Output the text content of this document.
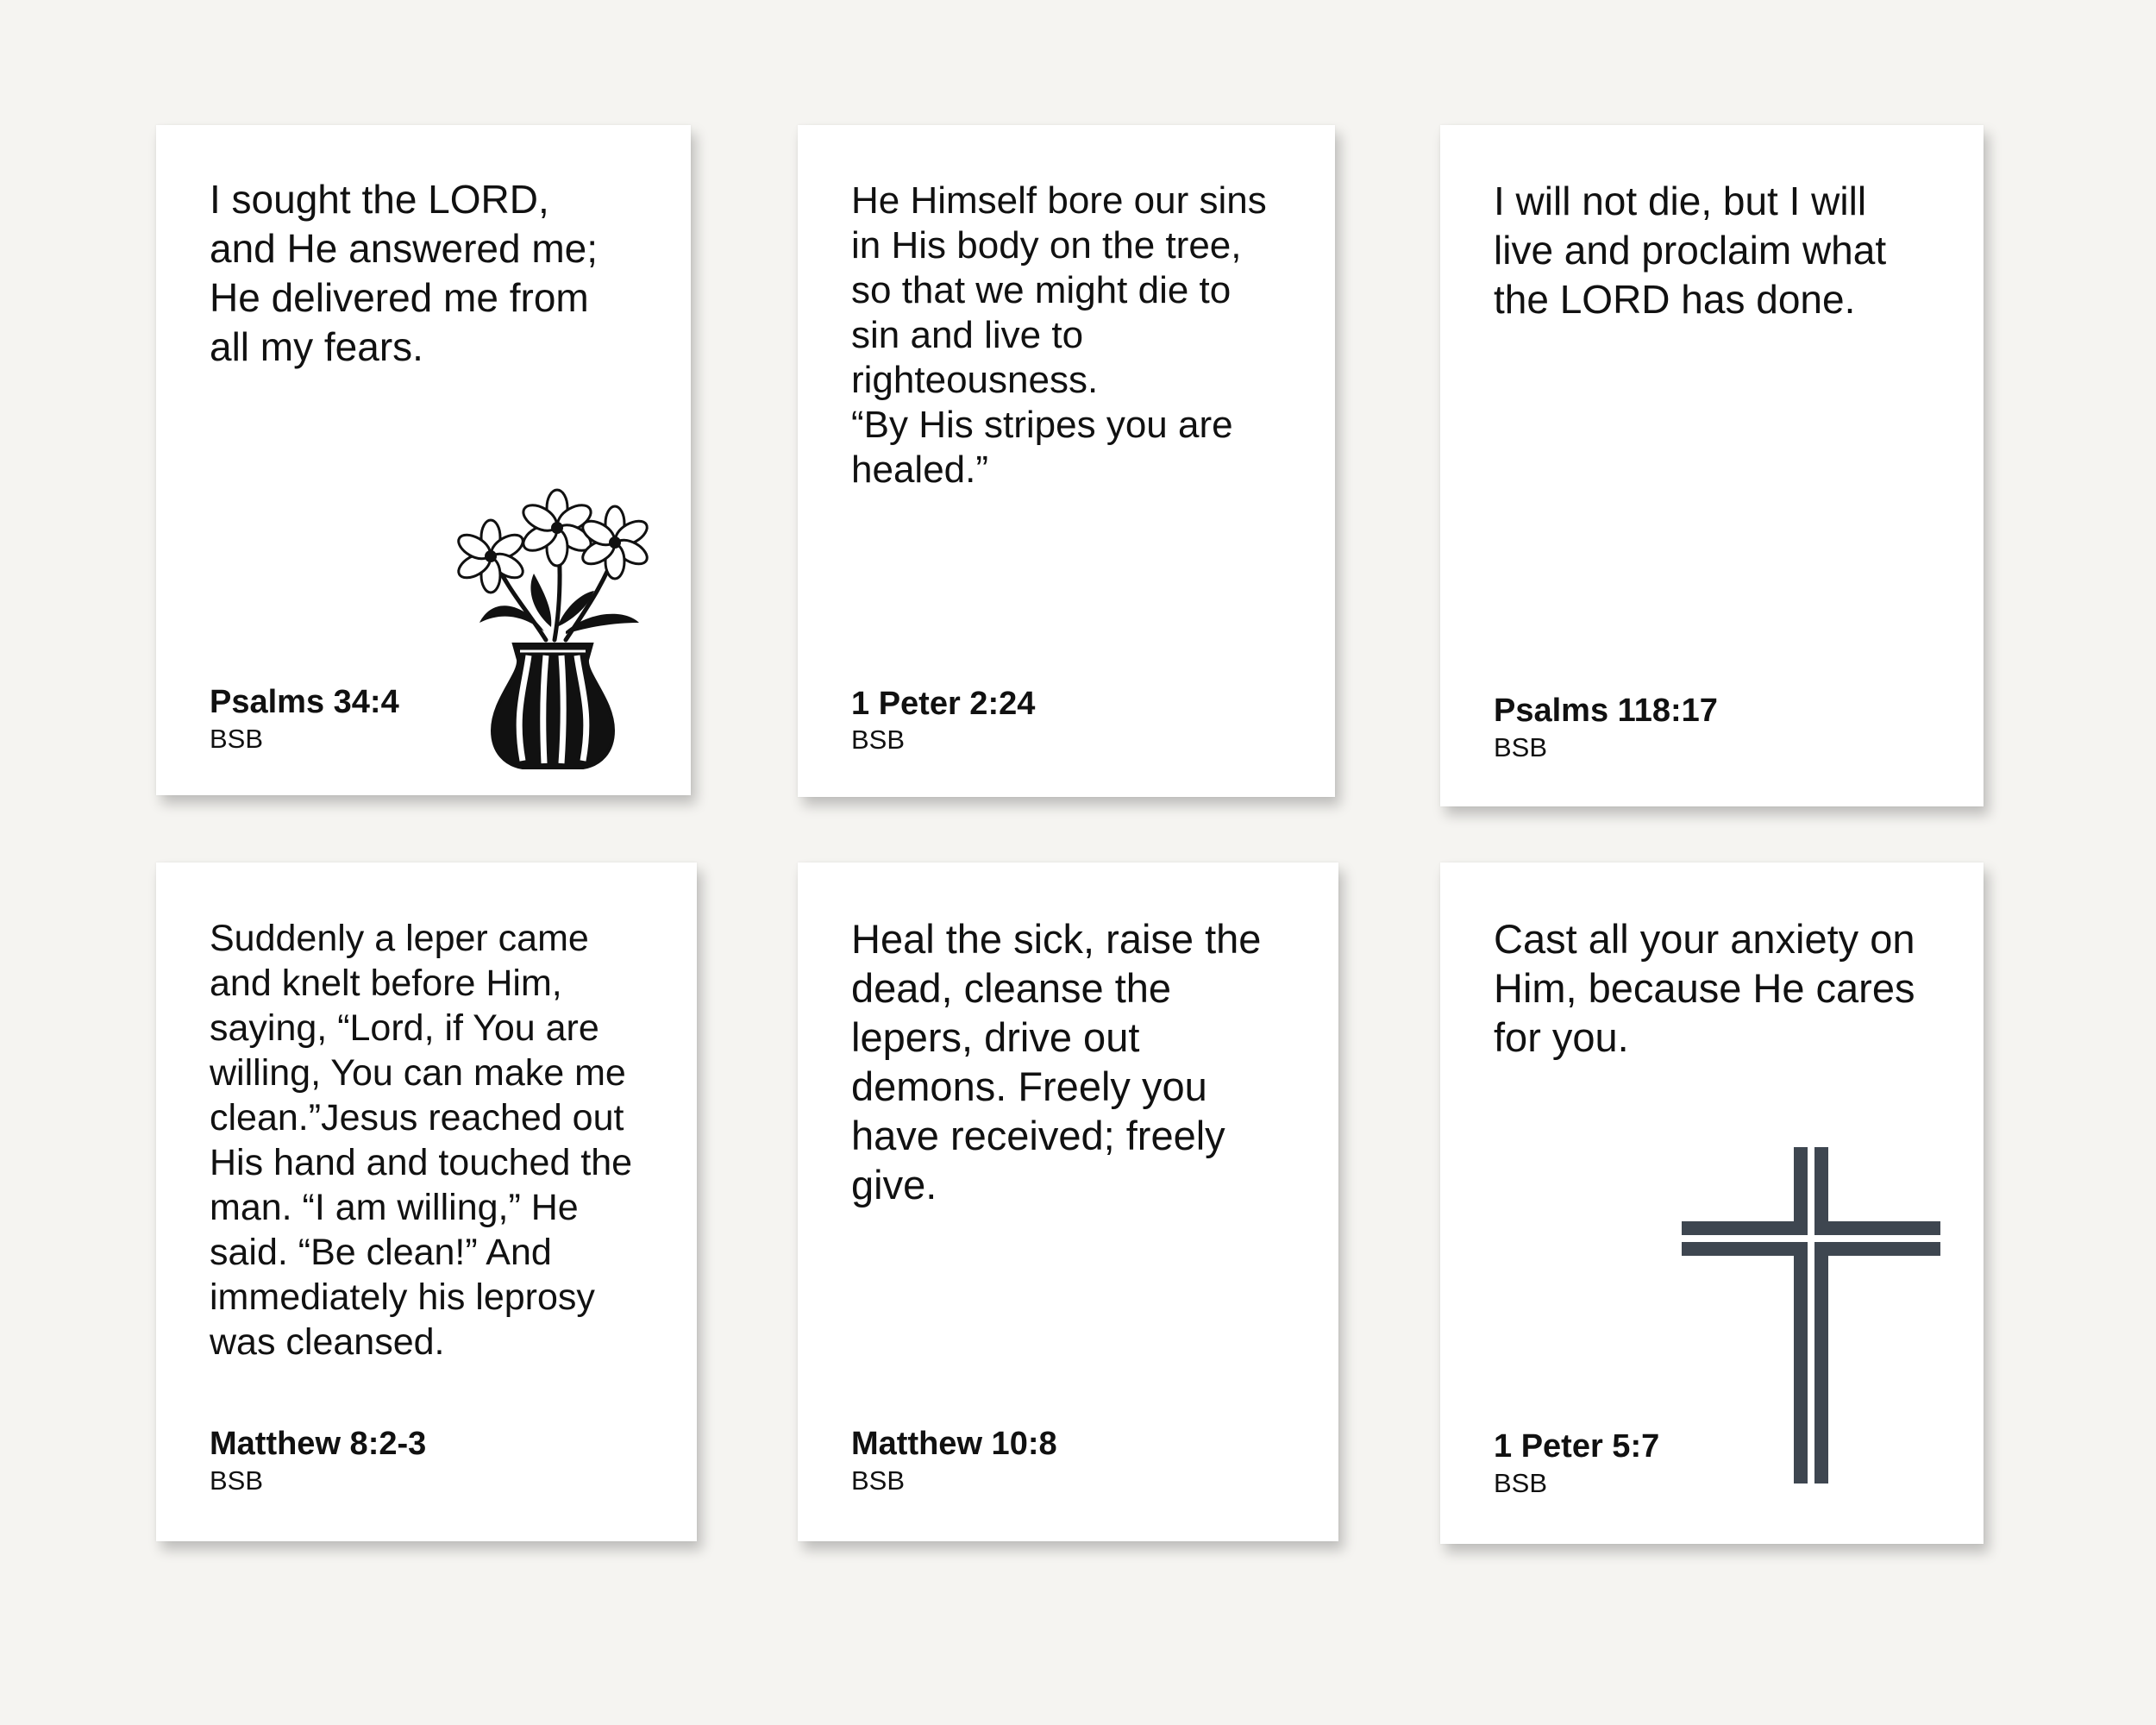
I sought the LORD,
and He answered me;
He delivered me from
all my fears.

Psalms 34:4

BSB

He Himself bore our sins
in His body on the tree,
so that we might die to
sin and live to
righteousness.
“By His stripes you are
healed.”

1 Peter 2:24

BSB

I will not die, but I will
live and proclaim what
the LORD has done.

Psalms 118:17

BSB

Suddenly a leper came
and knelt before Him,
saying, “Lord, if You are
willing, You can make me
clean.”Jesus reached out
His hand and touched the
man. “I am willing,” He
said. “Be clean!” And
immediately his leprosy
was cleansed.

Matthew 8:2-3

BSB

Heal the sick, raise the
dead, cleanse the
lepers, drive out
demons. Freely you
have received; freely
give.

Matthew 10:8

BSB

Cast all your anxiety on
Him, because He cares
for you.

1 Peter 5:7

BSB
